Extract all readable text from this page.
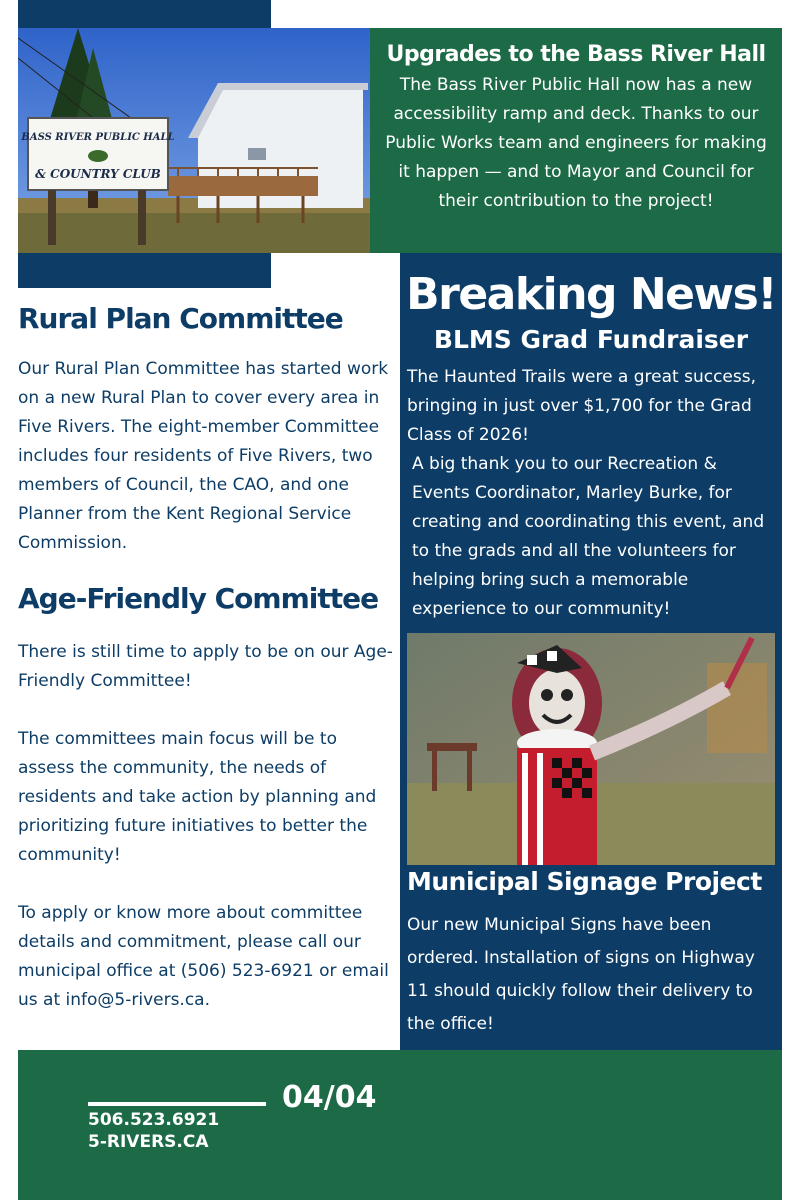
BASS RIVER PUBLIC HALL
& COUNTRY CLUB
Upgrades to the Bass River Hall
The Bass River Public Hall now has a new accessibility ramp and deck. Thanks to our Public Works team and engineers for making it happen — and to Mayor and Council for their contribution to the project!
Rural Plan Committee
Our Rural Plan Committee has started work on a new Rural Plan to cover every area in Five Rivers. The eight-member Committee includes four residents of Five Rivers, two members of Council, the CAO, and one Planner from the Kent Regional Service Commission.
Age-Friendly Committee

There is still time to apply to be on our Age-Friendly Committee!

The committees main focus will be to assess the community, the needs of residents and take action by planning and prioritizing future initiatives to better the community!

To apply or know more about committee details and commitment, please call our municipal office at (506) 523-6921 or email us at info@5-rivers.ca.

Breaking News!
BLMS Grad Fundraiser

The Haunted Trails were a great success, bringing in just over $1,700 for the Grad Class of 2026!

A big thank you to our Recreation & Events Coordinator, Marley Burke, for creating and coordinating this event, and to the grads and all the volunteers for helping bring such a memorable experience to our community!

Municipal Signage Project
Our new Municipal Signs have been ordered. Installation of signs on Highway 11 should quickly follow their delivery to the office!
04/04
506.523.6921
5-RIVERS.CA
